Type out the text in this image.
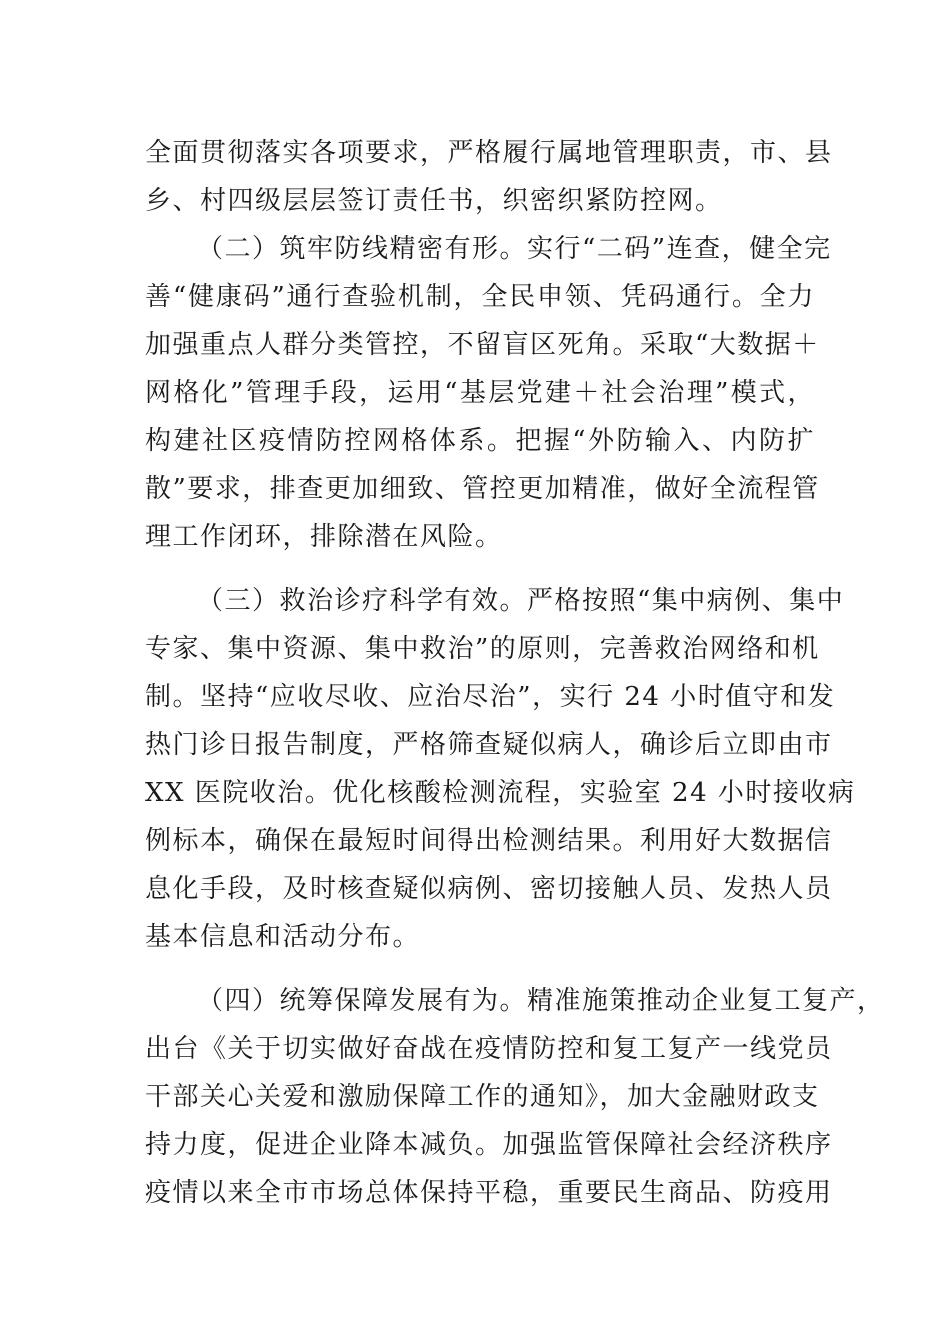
全面贯彻落实各项要求，严格履行属地管理职责，市、县
乡、村四级层层签订责任书，织密织紧防控网。
（二）筑牢防线精密有形。实行“二码”连查，健全完
善“健康码”通行查验机制，全民申领、凭码通行。全力
加强重点人群分类管控，不留盲区死角。采取“大数据＋
网格化”管理手段，运用“基层党建＋社会治理”模式，
构建社区疫情防控网格体系。把握“外防输入、内防扩
散”要求，排查更加细致、管控更加精准，做好全流程管
理工作闭环，排除潜在风险。
（三）救治诊疗科学有效。严格按照“集中病例、集中
专家、集中资源、集中救治”的原则，完善救治网络和机
制。坚持“应收尽收、应治尽治”，实行 24 小时值守和发
热门诊日报告制度，严格筛查疑似病人，确诊后立即由市
XX 医院收治。优化核酸检测流程，实验室 24 小时接收病
例标本，确保在最短时间得出检测结果。利用好大数据信
息化手段，及时核查疑似病例、密切接触人员、发热人员
基本信息和活动分布。
（四）统筹保障发展有为。精准施策推动企业复工复产，
出台《关于切实做好奋战在疫情防控和复工复产一线党员
干部关心关爱和激励保障工作的通知》，加大金融财政支
持力度，促进企业降本减负。加强监管保障社会经济秩序
疫情以来全市市场总体保持平稳，重要民生商品、防疫用
